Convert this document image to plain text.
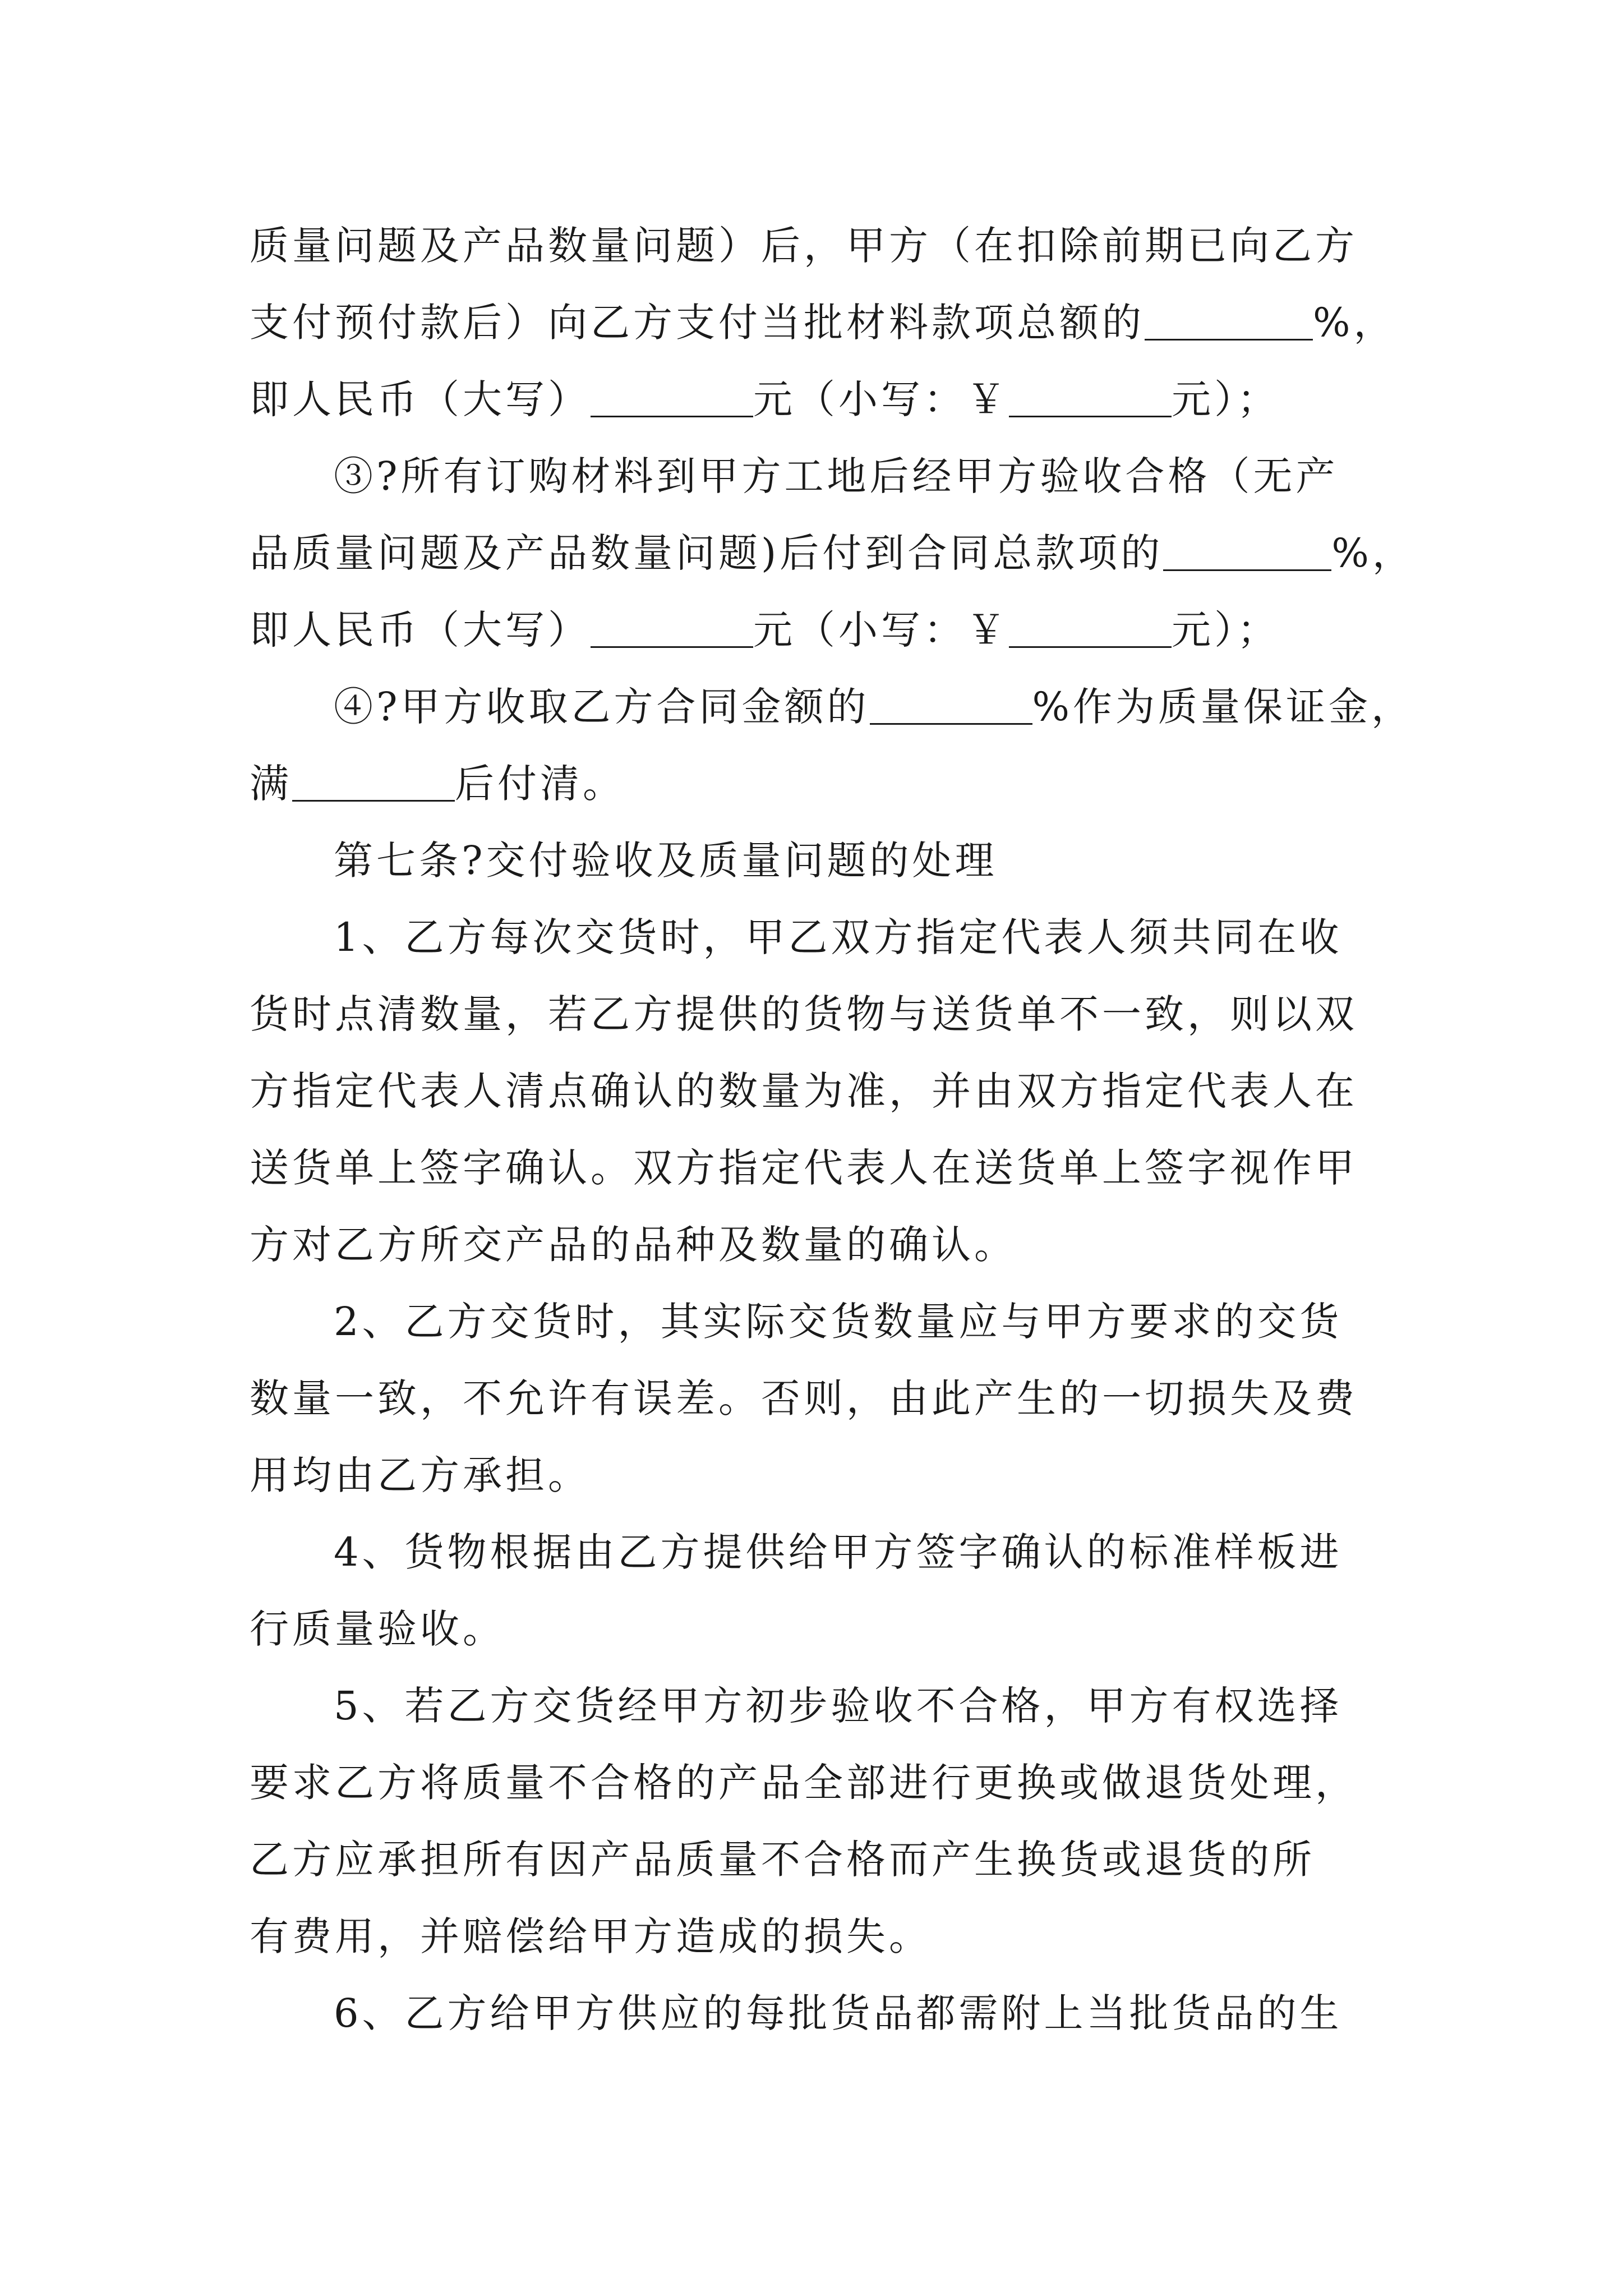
质量问题及产品数量问题）后，甲方（在扣除前期已向乙方
支付预付款后）向乙方支付当批材料款项总额的	%，
即人民币（大写）	元（小写：￥	元）；
③?所有订购材料到甲方工地后经甲方验收合格（无产
品质量问题及产品数量问题)后付到合同总款项的	%，
即人民币（大写）	元（小写：￥	元）；
④?甲方收取乙方合同金额的	%作为质量保证金，
满	后付清。
第七条?交付验收及质量问题的处理
1、乙方每次交货时，甲乙双方指定代表人须共同在收
货时点清数量，若乙方提供的货物与送货单不一致，则以双
方指定代表人清点确认的数量为准，并由双方指定代表人在
送货单上签字确认。双方指定代表人在送货单上签字视作甲
方对乙方所交产品的品种及数量的确认。
2、乙方交货时，其实际交货数量应与甲方要求的交货
数量一致，不允许有误差。否则，由此产生的一切损失及费
用均由乙方承担。
4、货物根据由乙方提供给甲方签字确认的标准样板进
行质量验收。
5、若乙方交货经甲方初步验收不合格，甲方有权选择
要求乙方将质量不合格的产品全部进行更换或做退货处理，
乙方应承担所有因产品质量不合格而产生换货或退货的所
有费用，并赔偿给甲方造成的损失。
6、乙方给甲方供应的每批货品都需附上当批货品的生
